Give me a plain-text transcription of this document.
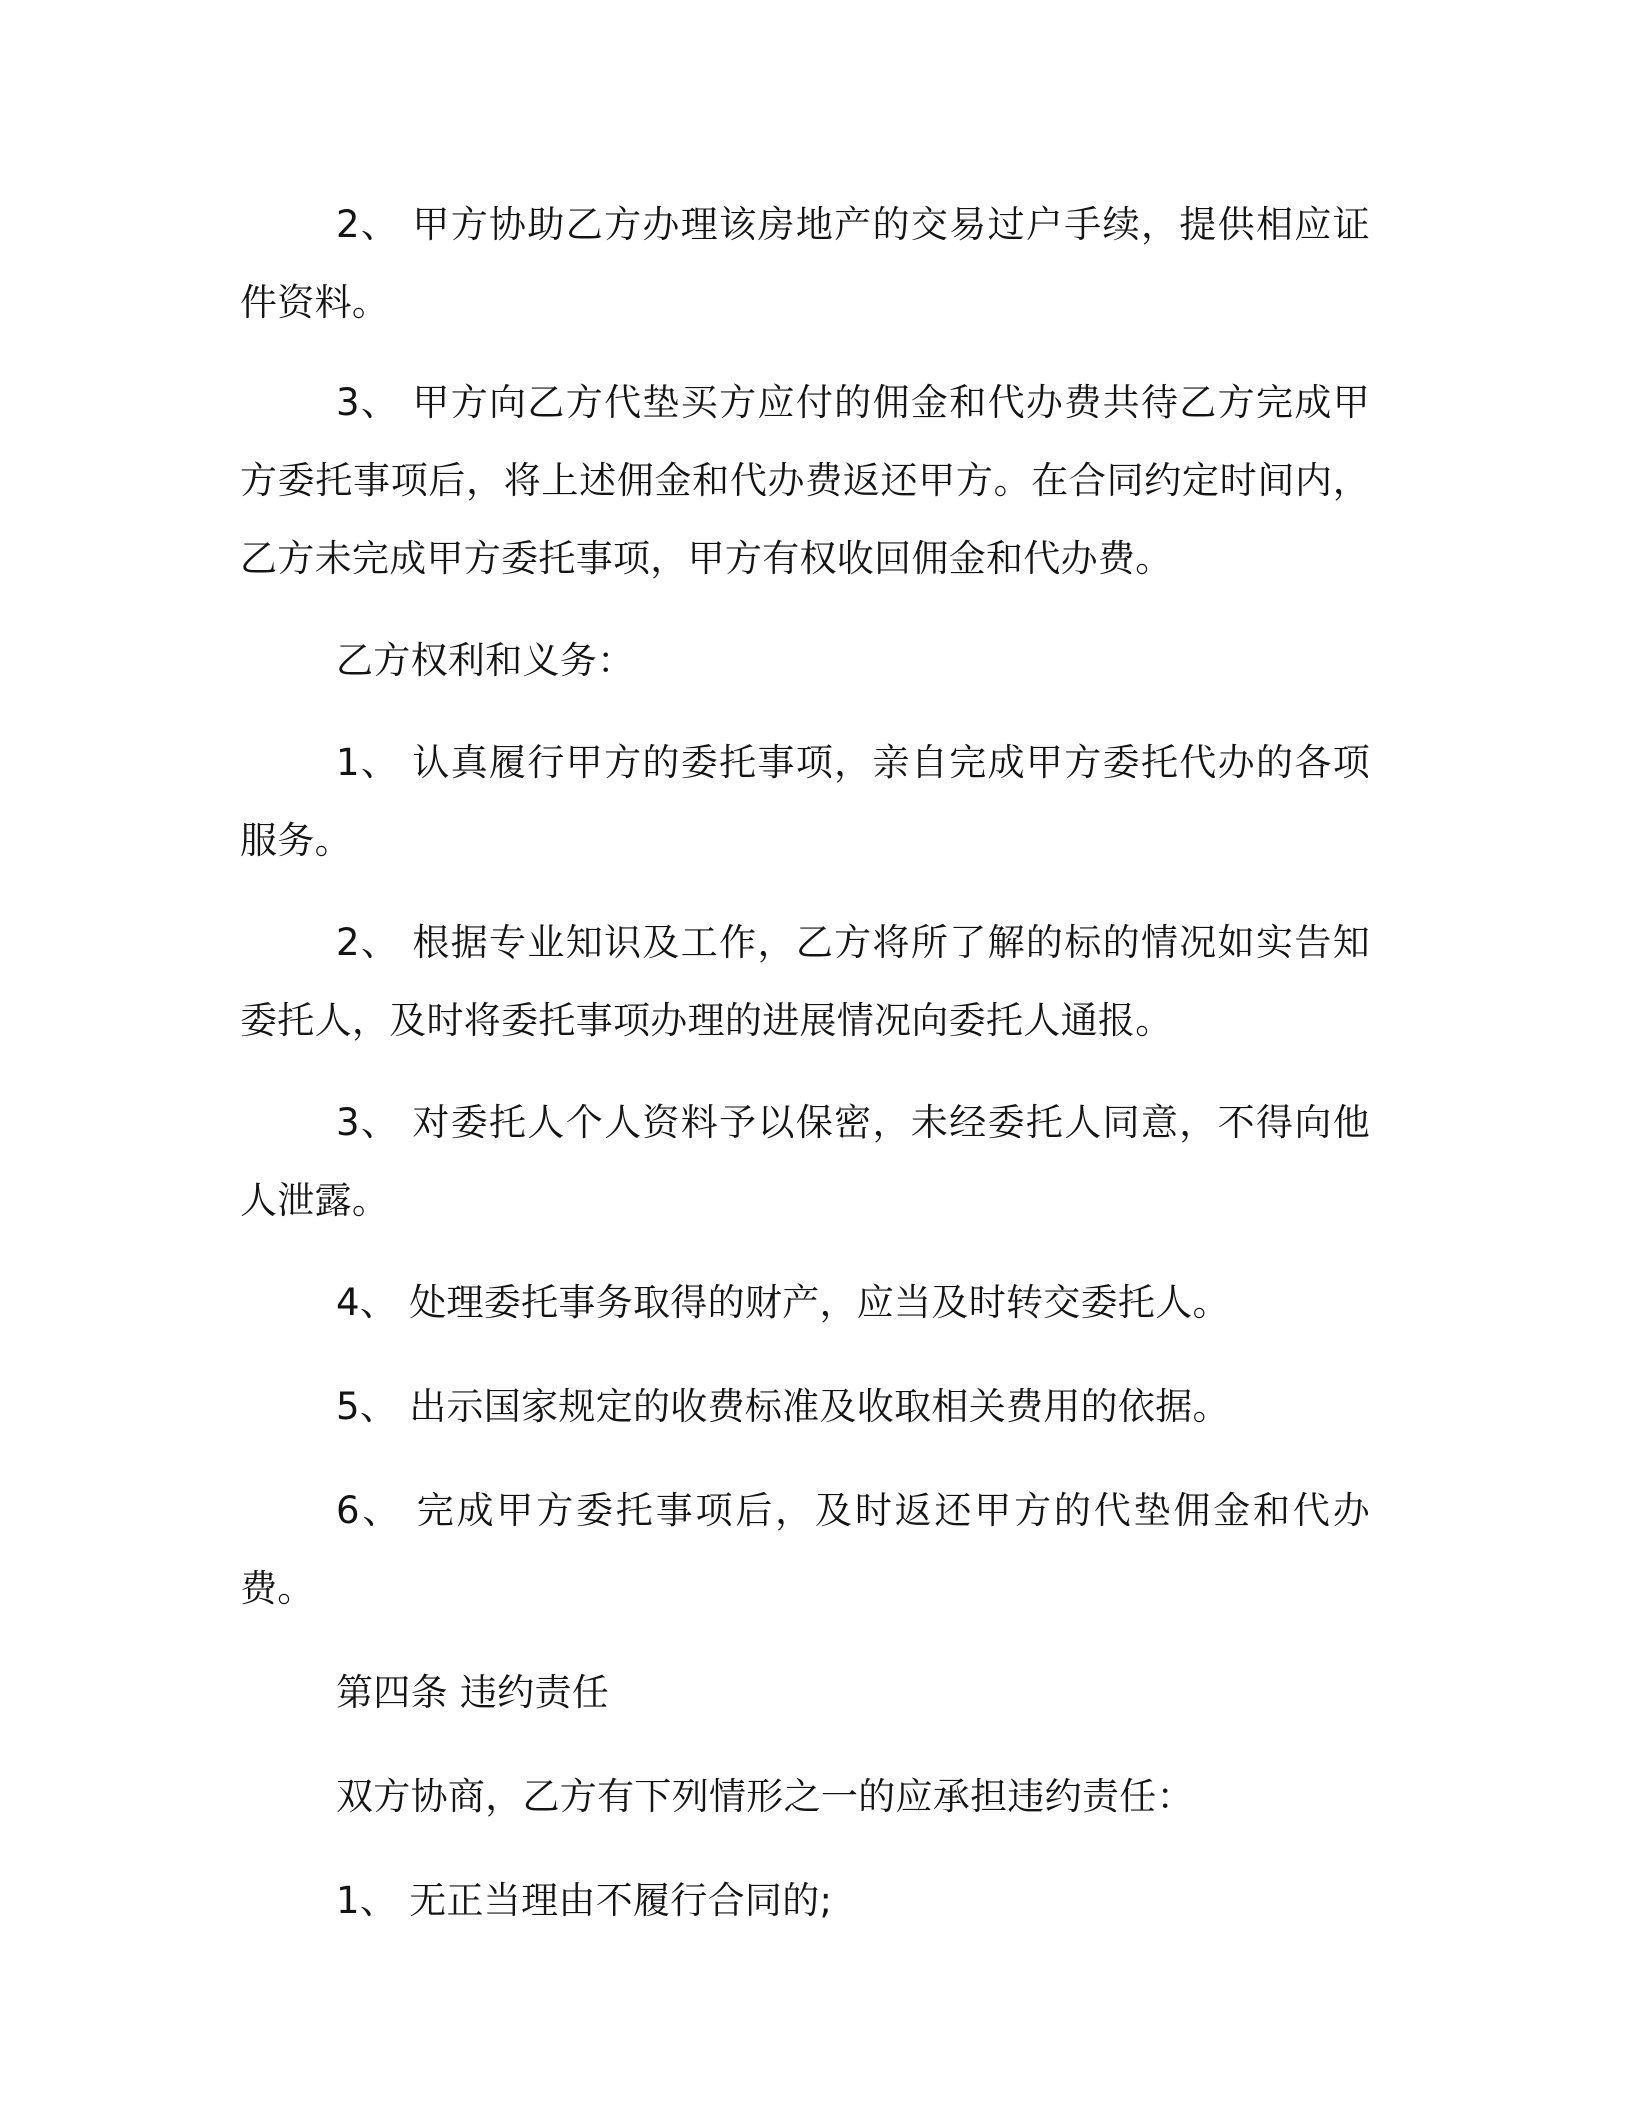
2、 甲方协助乙方办理该房地产的交易过户手续，提供相应证件资料。

3、 甲方向乙方代垫买方应付的佣金和代办费共待乙方完成甲方委托事项后，将上述佣金和代办费返还甲方。在合同约定时间内，乙方未完成甲方委托事项，甲方有权收回佣金和代办费。

乙方权利和义务：

1、 认真履行甲方的委托事项，亲自完成甲方委托代办的各项服务。

2、 根据专业知识及工作，乙方将所了解的标的情况如实告知委托人，及时将委托事项办理的进展情况向委托人通报。

3、 对委托人个人资料予以保密，未经委托人同意，不得向他人泄露。

4、 处理委托事务取得的财产，应当及时转交委托人。

5、 出示国家规定的收费标准及收取相关费用的依据。

6、 完成甲方委托事项后，及时返还甲方的代垫佣金和代办费。

第四条 违约责任

双方协商，乙方有下列情形之一的应承担违约责任：

1、 无正当理由不履行合同的;
